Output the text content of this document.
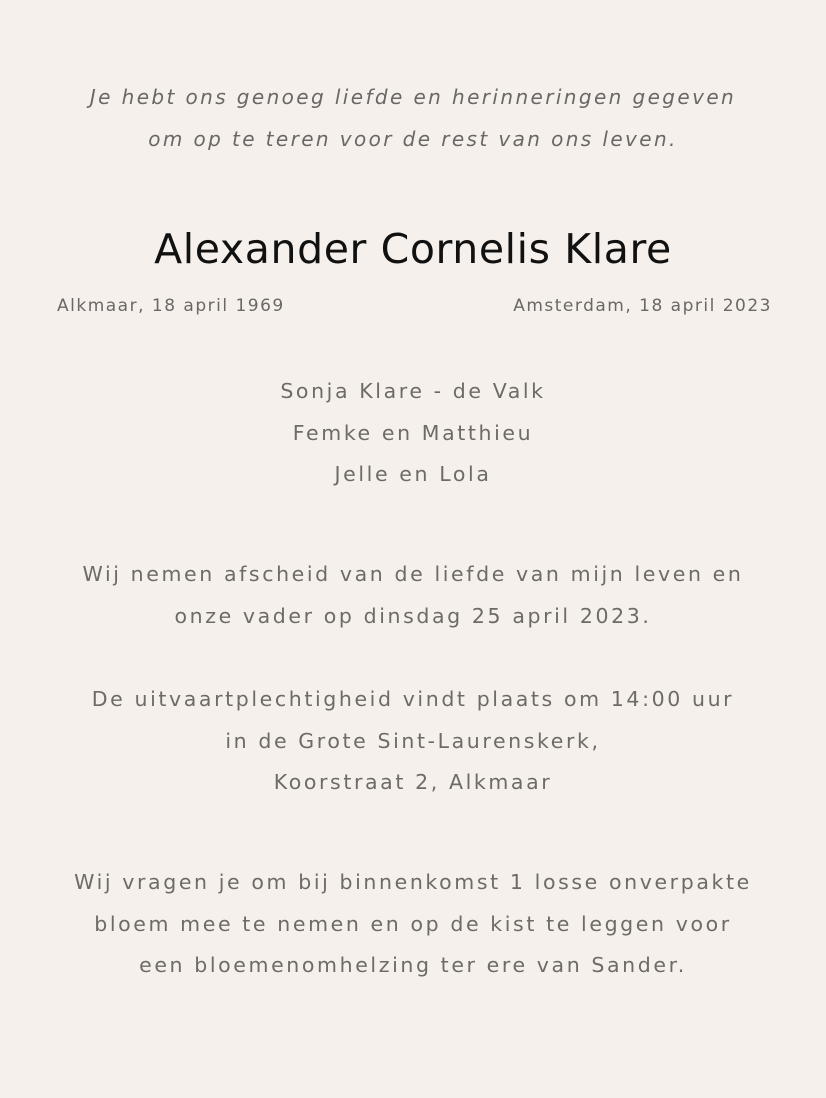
Je hebt ons genoeg liefde en herinneringen gegeven
om op te teren voor de rest van ons leven.
Alexander Cornelis Klare
Alkmaar, 18 april 1969	Amsterdam, 18 april 2023
Sonja Klare - de Valk
Femke en Matthieu
Jelle en Lola
Wij nemen afscheid van de liefde van mijn leven en
onze vader op dinsdag 25 april 2023.
De uitvaartplechtigheid vindt plaats om 14:00 uur
in de Grote Sint-Laurenskerk,
Koorstraat 2, Alkmaar
Wij vragen je om bij binnenkomst 1 losse onverpakte
bloem mee te nemen en op de kist te leggen voor
een bloemenomhelzing ter ere van Sander.
